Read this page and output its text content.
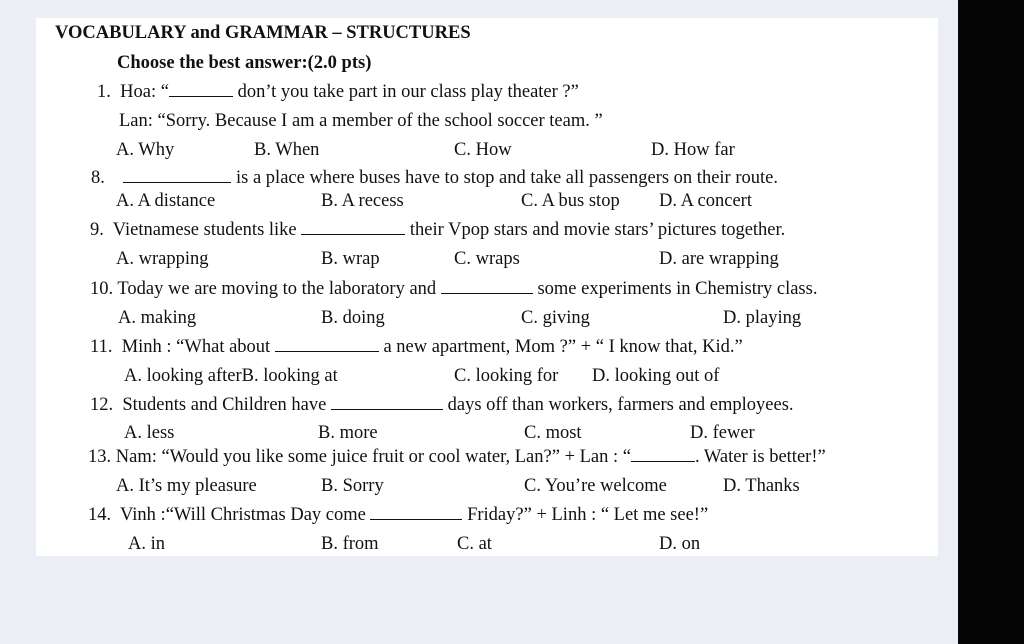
VOCABULARY and GRAMMAR – STRUCTURES
Choose the best answer:(2.0 pts)
1. Hoa: “	don’t you take part in our class play theater ?”
Lan: “Sorry. Because I am a member of the school soccer team. ”
A. Why	B. When	C. How	D. How far
8.	is a place where buses have to stop and take all passengers on their route.
A. A distance	B. A recess	C. A bus stop D. A concert
9. Vietnamese students like	their Vpop stars and movie stars’ pictures together.
A. wrapping	B. wrap	C. wraps	D. are wrapping
10. Today we are moving to the laboratory and	some experiments in Chemistry class.
A. making	B. doing	C. giving	D. playing
11. Minh : “What about	a new apartment, Mom ?” + “ I know that, Kid.”
A. looking afterB. looking at	C. looking for D. looking out of
12. Students and Children have	days off than workers, farmers and employees.
A. less	B. more	C. most	D. fewer
13. Nam: “Would you like some juice fruit or cool water, Lan?” + Lan : “	. Water is better!”
A. It’s my pleasure	B. Sorry	C. You’re welcome	D. Thanks
14. Vinh :“Will Christmas Day come	Friday?” + Linh : “ Let me see!”
A. in	B. from	C. at	D. on
